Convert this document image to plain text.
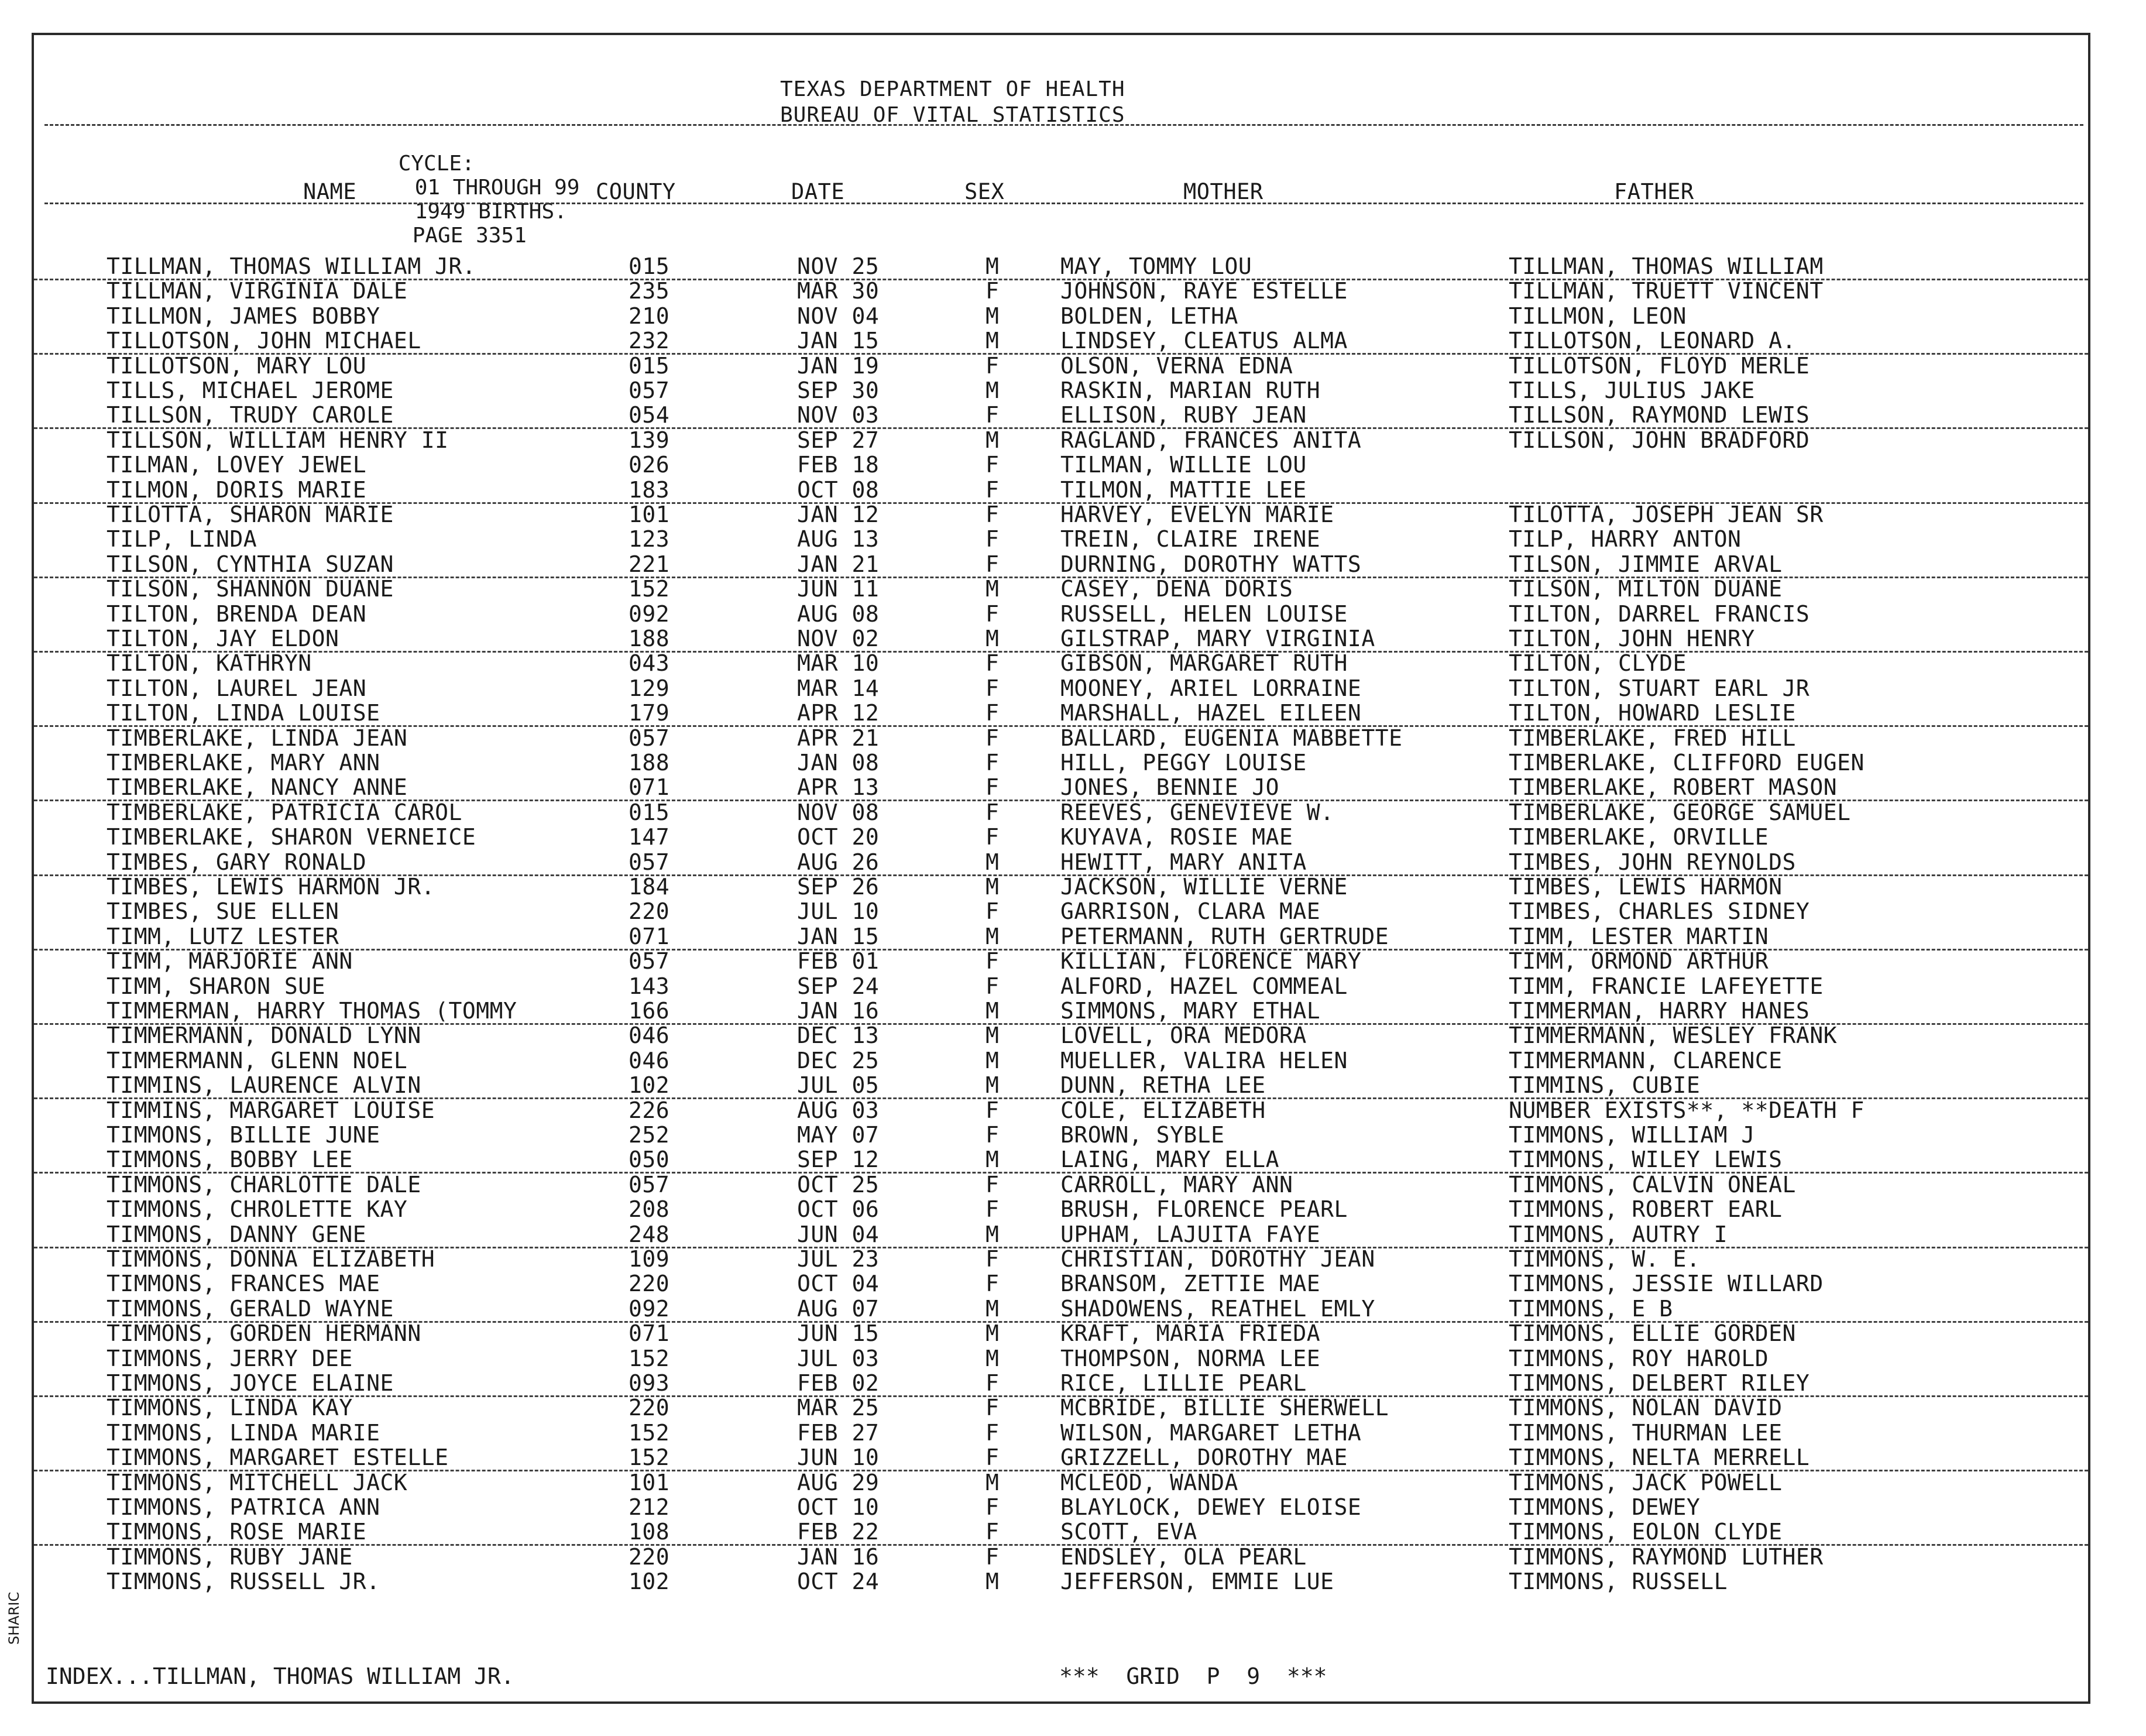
TEXAS DEPARTMENT OF HEALTH
BUREAU OF VITAL STATISTICS

CYCLE:
01 THROUGH 99
1949 BIRTHS.
PAGE 3351

NAME	COUNTY	DATE	SEX	MOTHER	FATHER
TILLMAN, THOMAS WILLIAM JR.	015	NOV 25	M	MAY, TOMMY LOU	TILLMAN, THOMAS WILLIAM
TILLMAN, VIRGINIA DALE	235	MAR 30	F	JOHNSON, RAYE ESTELLE	TILLMAN, TRUETT VINCENT
TILLMON, JAMES BOBBY	210	NOV 04	M	BOLDEN, LETHA	TILLMON, LEON
TILLOTSON, JOHN MICHAEL	232	JAN 15	M	LINDSEY, CLEATUS ALMA	TILLOTSON, LEONARD A.
TILLOTSON, MARY LOU	015	JAN 19	F	OLSON, VERNA EDNA	TILLOTSON, FLOYD MERLE
TILLS, MICHAEL JEROME	057	SEP 30	M	RASKIN, MARIAN RUTH	TILLS, JULIUS JAKE
TILLSON, TRUDY CAROLE	054	NOV 03	F	ELLISON, RUBY JEAN	TILLSON, RAYMOND LEWIS
TILLSON, WILLIAM HENRY II	139	SEP 27	M	RAGLAND, FRANCES ANITA	TILLSON, JOHN BRADFORD
TILMAN, LOVEY JEWEL	026	FEB 18	F	TILMAN, WILLIE LOU
TILMON, DORIS MARIE	183	OCT 08	F	TILMON, MATTIE LEE
TILOTTA, SHARON MARIE	101	JAN 12	F	HARVEY, EVELYN MARIE	TILOTTA, JOSEPH JEAN SR
TILP, LINDA	123	AUG 13	F	TREIN, CLAIRE IRENE	TILP, HARRY ANTON
TILSON, CYNTHIA SUZAN	221	JAN 21	F	DURNING, DOROTHY WATTS	TILSON, JIMMIE ARVAL
TILSON, SHANNON DUANE	152	JUN 11	M	CASEY, DENA DORIS	TILSON, MILTON DUANE
TILTON, BRENDA DEAN	092	AUG 08	F	RUSSELL, HELEN LOUISE	TILTON, DARREL FRANCIS
TILTON, JAY ELDON	188	NOV 02	M	GILSTRAP, MARY VIRGINIA	TILTON, JOHN HENRY
TILTON, KATHRYN	043	MAR 10	F	GIBSON, MARGARET RUTH	TILTON, CLYDE
TILTON, LAUREL JEAN	129	MAR 14	F	MOONEY, ARIEL LORRAINE	TILTON, STUART EARL JR
TILTON, LINDA LOUISE	179	APR 12	F	MARSHALL, HAZEL EILEEN	TILTON, HOWARD LESLIE
TIMBERLAKE, LINDA JEAN	057	APR 21	F	BALLARD, EUGENIA MABBETTE	TIMBERLAKE, FRED HILL
TIMBERLAKE, MARY ANN	188	JAN 08	F	HILL, PEGGY LOUISE	TIMBERLAKE, CLIFFORD EUGEN
TIMBERLAKE, NANCY ANNE	071	APR 13	F	JONES, BENNIE JO	TIMBERLAKE, ROBERT MASON
TIMBERLAKE, PATRICIA CAROL	015	NOV 08	F	REEVES, GENEVIEVE W.	TIMBERLAKE, GEORGE SAMUEL
TIMBERLAKE, SHARON VERNEICE	147	OCT 20	F	KUYAVA, ROSIE MAE	TIMBERLAKE, ORVILLE
TIMBES, GARY RONALD	057	AUG 26	M	HEWITT, MARY ANITA	TIMBES, JOHN REYNOLDS
TIMBES, LEWIS HARMON JR.	184	SEP 26	M	JACKSON, WILLIE VERNE	TIMBES, LEWIS HARMON
TIMBES, SUE ELLEN	220	JUL 10	F	GARRISON, CLARA MAE	TIMBES, CHARLES SIDNEY
TIMM, LUTZ LESTER	071	JAN 15	M	PETERMANN, RUTH GERTRUDE	TIMM, LESTER MARTIN
TIMM, MARJORIE ANN	057	FEB 01	F	KILLIAN, FLORENCE MARY	TIMM, ORMOND ARTHUR
TIMM, SHARON SUE	143	SEP 24	F	ALFORD, HAZEL COMMEAL	TIMM, FRANCIE LAFEYETTE
TIMMERMAN, HARRY THOMAS (TOMMY	166	JAN 16	M	SIMMONS, MARY ETHAL	TIMMERMAN, HARRY HANES
TIMMERMANN, DONALD LYNN	046	DEC 13	M	LOVELL, ORA MEDORA	TIMMERMANN, WESLEY FRANK
TIMMERMANN, GLENN NOEL	046	DEC 25	M	MUELLER, VALIRA HELEN	TIMMERMANN, CLARENCE
TIMMINS, LAURENCE ALVIN	102	JUL 05	M	DUNN, RETHA LEE	TIMMINS, CUBIE
TIMMINS, MARGARET LOUISE	226	AUG 03	F	COLE, ELIZABETH	NUMBER EXISTS**, **DEATH F
TIMMONS, BILLIE JUNE	252	MAY 07	F	BROWN, SYBLE	TIMMONS, WILLIAM J
TIMMONS, BOBBY LEE	050	SEP 12	M	LAING, MARY ELLA	TIMMONS, WILEY LEWIS
TIMMONS, CHARLOTTE DALE	057	OCT 25	F	CARROLL, MARY ANN	TIMMONS, CALVIN ONEAL
TIMMONS, CHROLETTE KAY	208	OCT 06	F	BRUSH, FLORENCE PEARL	TIMMONS, ROBERT EARL
TIMMONS, DANNY GENE	248	JUN 04	M	UPHAM, LAJUITA FAYE	TIMMONS, AUTRY I
TIMMONS, DONNA ELIZABETH	109	JUL 23	F	CHRISTIAN, DOROTHY JEAN	TIMMONS, W. E.
TIMMONS, FRANCES MAE	220	OCT 04	F	BRANSOM, ZETTIE MAE	TIMMONS, JESSIE WILLARD
TIMMONS, GERALD WAYNE	092	AUG 07	M	SHADOWENS, REATHEL EMLY	TIMMONS, E B
TIMMONS, GORDEN HERMANN	071	JUN 15	M	KRAFT, MARIA FRIEDA	TIMMONS, ELLIE GORDEN
TIMMONS, JERRY DEE	152	JUL 03	M	THOMPSON, NORMA LEE	TIMMONS, ROY HAROLD
TIMMONS, JOYCE ELAINE	093	FEB 02	F	RICE, LILLIE PEARL	TIMMONS, DELBERT RILEY
TIMMONS, LINDA KAY	220	MAR 25	F	MCBRIDE, BILLIE SHERWELL	TIMMONS, NOLAN DAVID
TIMMONS, LINDA MARIE	152	FEB 27	F	WILSON, MARGARET LETHA	TIMMONS, THURMAN LEE
TIMMONS, MARGARET ESTELLE	152	JUN 10	F	GRIZZELL, DOROTHY MAE	TIMMONS, NELTA MERRELL
TIMMONS, MITCHELL JACK	101	AUG 29	M	MCLEOD, WANDA	TIMMONS, JACK POWELL
TIMMONS, PATRICA ANN	212	OCT 10	F	BLAYLOCK, DEWEY ELOISE	TIMMONS, DEWEY
TIMMONS, ROSE MARIE	108	FEB 22	F	SCOTT, EVA	TIMMONS, EOLON CLYDE
TIMMONS, RUBY JANE	220	JAN 16	F	ENDSLEY, OLA PEARL	TIMMONS, RAYMOND LUTHER
TIMMONS, RUSSELL JR.	102	OCT 24	M	JEFFERSON, EMMIE LUE	TIMMONS, RUSSELL
INDEX...TILLMAN, THOMAS WILLIAM JR.	***  GRID  P  9  ***
SHARIC
